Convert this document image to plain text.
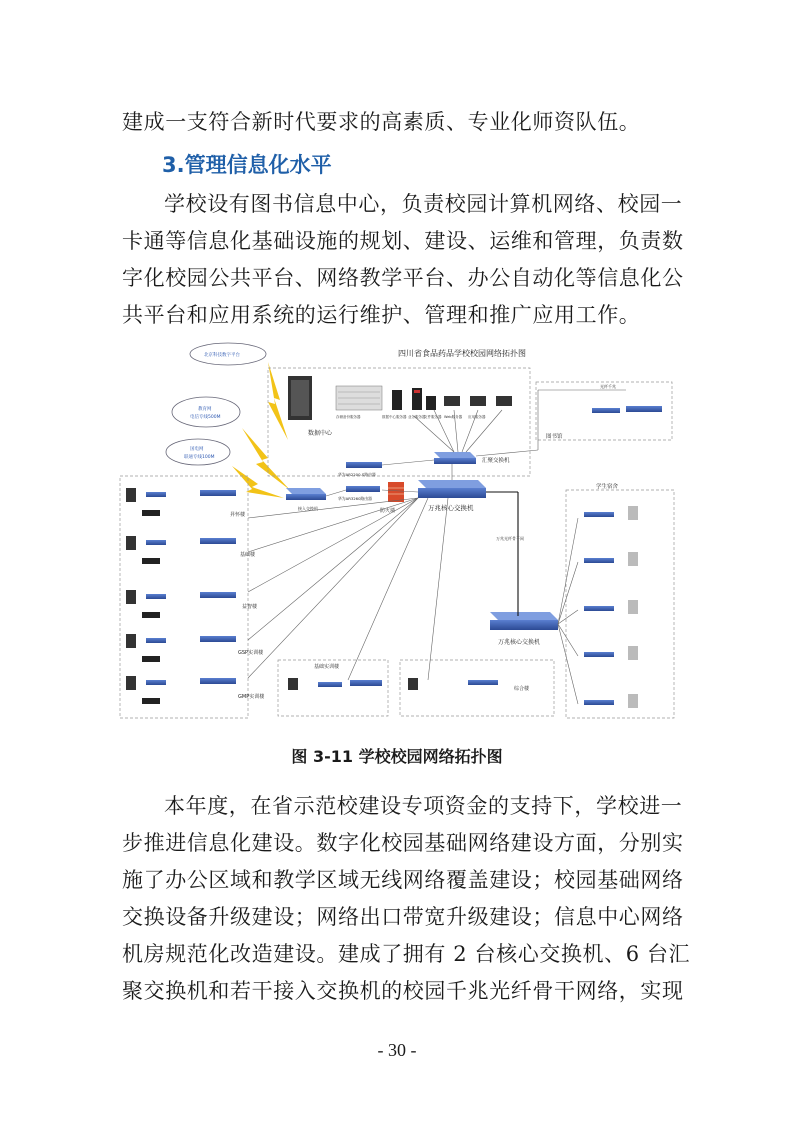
建成一支符合新时代要求的高素质、专业化师资队伍。
3.管理信息化水平
学校设有图书信息中心，负责校园计算机网络、校园一
卡通等信息化基础设施的规划、建设、运维和管理，负责数
字化校园公共平台、网络教学平台、办公自动化等信息化公
共平台和应用系统的运行维护、管理和推广应用工作。
四川省食品药品学校校园网络拓扑图
北京科技数字平台
教育网
电信专线500M
国电网
联通专线100M
数据中心
存储备份服务器	数据中心服务器 业务服务器
文件服务器 Web服务器 应用服务器
汇聚交换机
万兆核心交换机
防火墙
华为AR2200-S路由器
华为AR3260路由器
接入交换机
图书馆
光纤千兆
万兆核心交换机
万兆光纤骨干网
学生宿舍
昇怀楼
基础楼
益智楼
GSP实训楼
GMP实训楼
基础实训楼
综合楼
图 3-11 学校校园网络拓扑图
本年度，在省示范校建设专项资金的支持下，学校进一
步推进信息化建设。数字化校园基础网络建设方面，分别实
施了办公区域和教学区域无线网络覆盖建设；校园基础网络
交换设备升级建设；网络出口带宽升级建设；信息中心网络
机房规范化改造建设。建成了拥有 2 台核心交换机、6 台汇
聚交换机和若干接入交换机的校园千兆光纤骨干网络，实现
- 30 -
